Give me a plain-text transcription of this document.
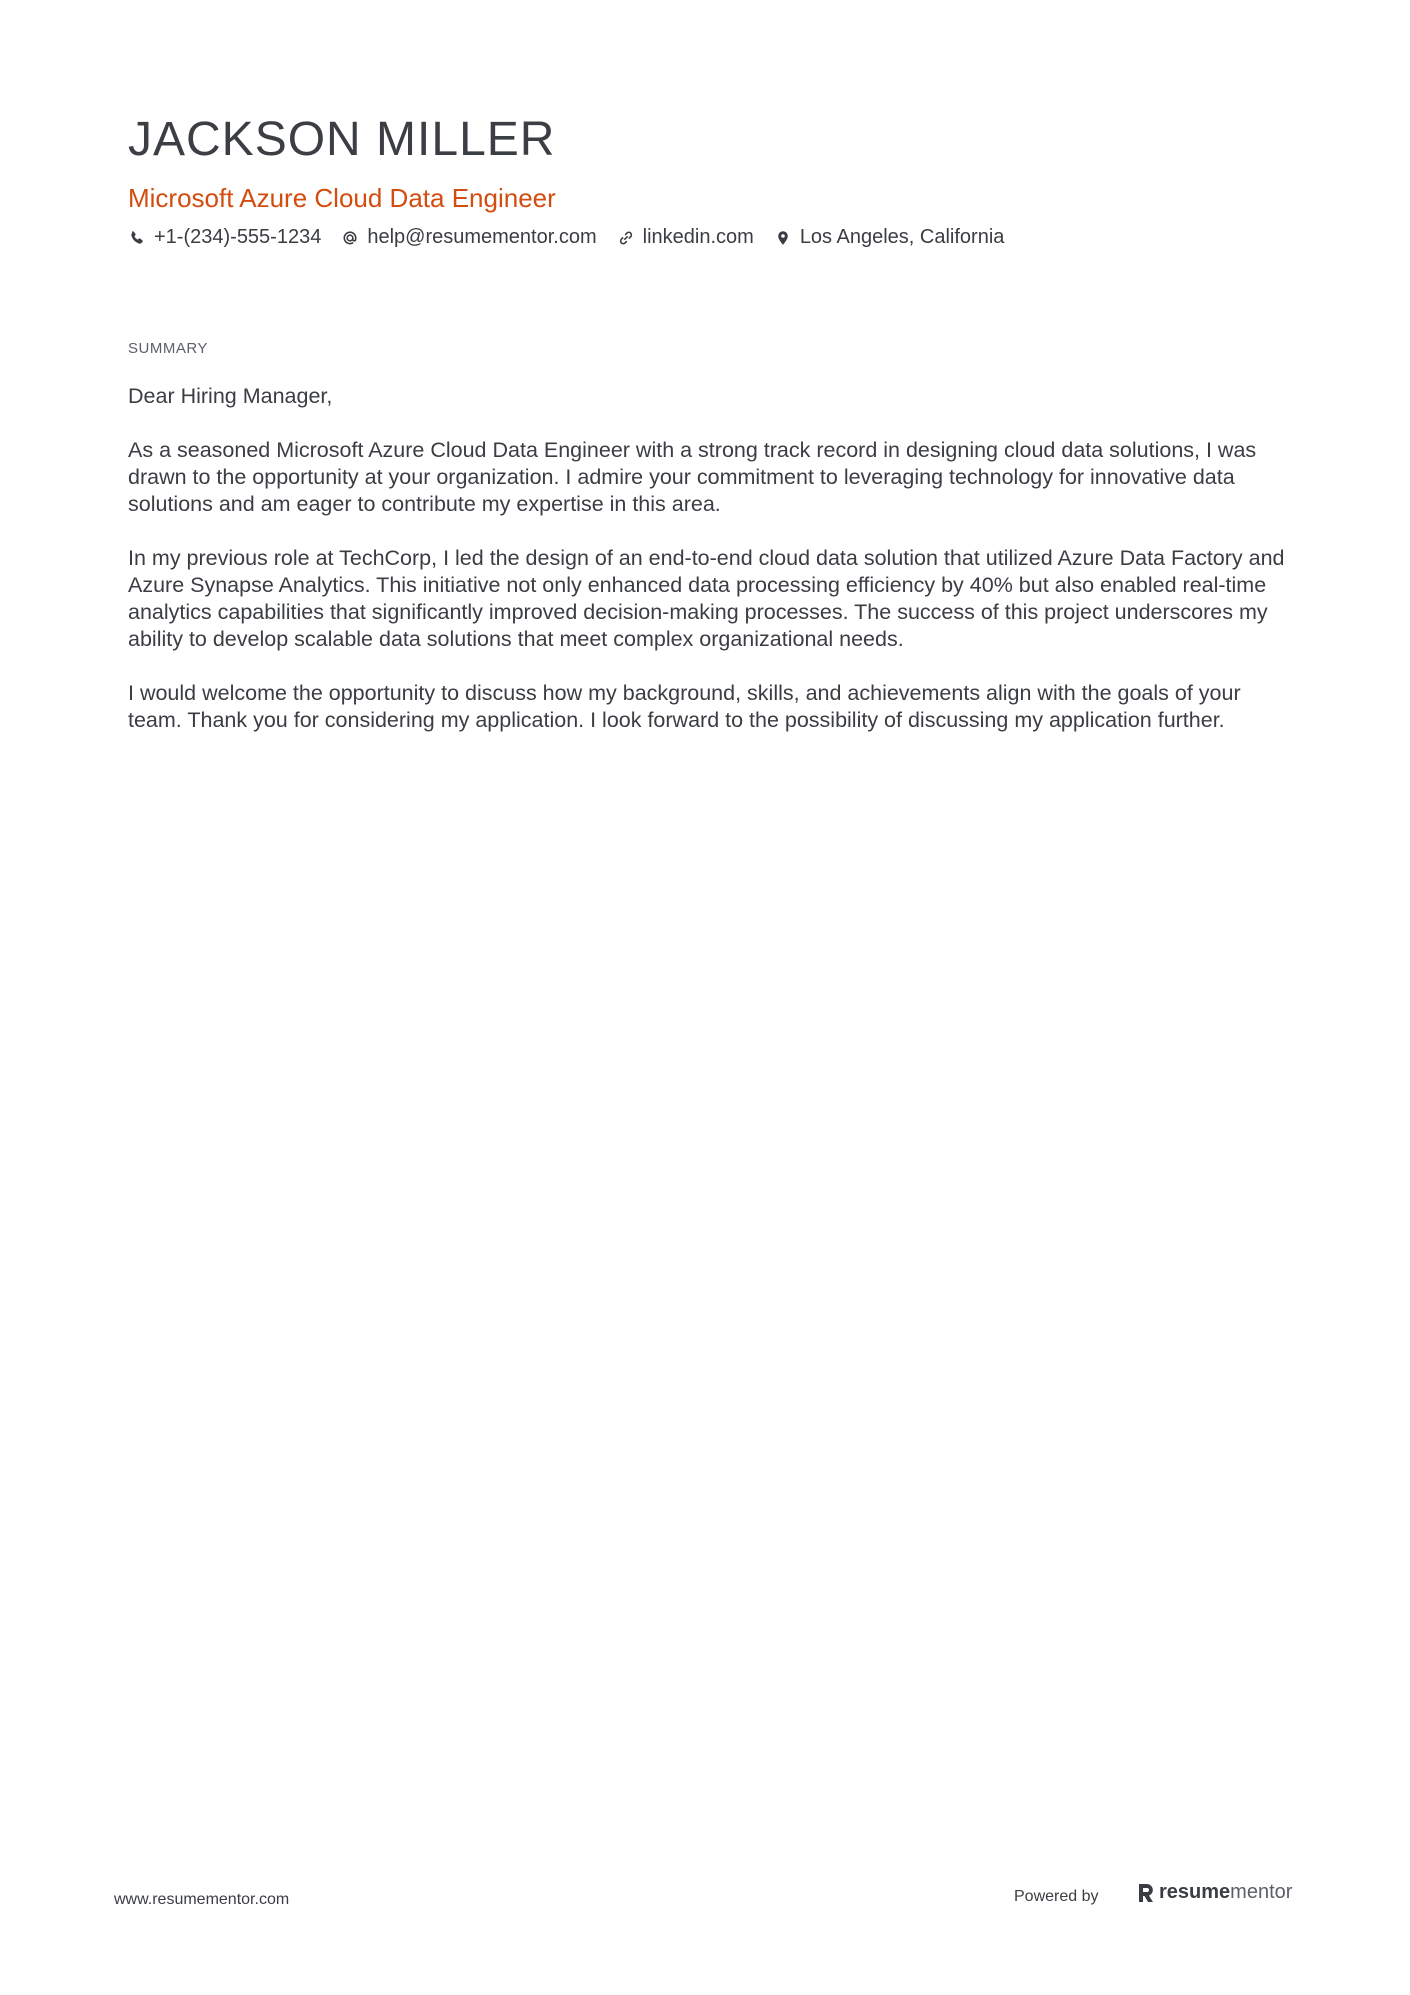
JACKSON MILLER
Microsoft Azure Cloud Data Engineer
+1-(234)-555-1234 help@resumementor.com linkedin.com Los Angeles, California
SUMMARY

Dear Hiring Manager,

As a seasoned Microsoft Azure Cloud Data Engineer with a strong track record in designing cloud data solutions, I was drawn to the opportunity at your organization. I admire your commitment to leveraging technology for innovative data solutions and am eager to contribute my expertise in this area.

In my previous role at TechCorp, I led the design of an end-to-end cloud data solution that utilized Azure Data Factory and Azure Synapse Analytics. This initiative not only enhanced data processing efficiency by 40% but also enabled real-time analytics capabilities that significantly improved decision-making processes. The success of this project underscores my ability to develop scalable data solutions that meet complex organizational needs.

I would welcome the opportunity to discuss how my background, skills, and achievements align with the goals of your team. Thank you for considering my application. I look forward to the possibility of discussing my application further.

www.resumementor.com	Powered by	resume mentor
